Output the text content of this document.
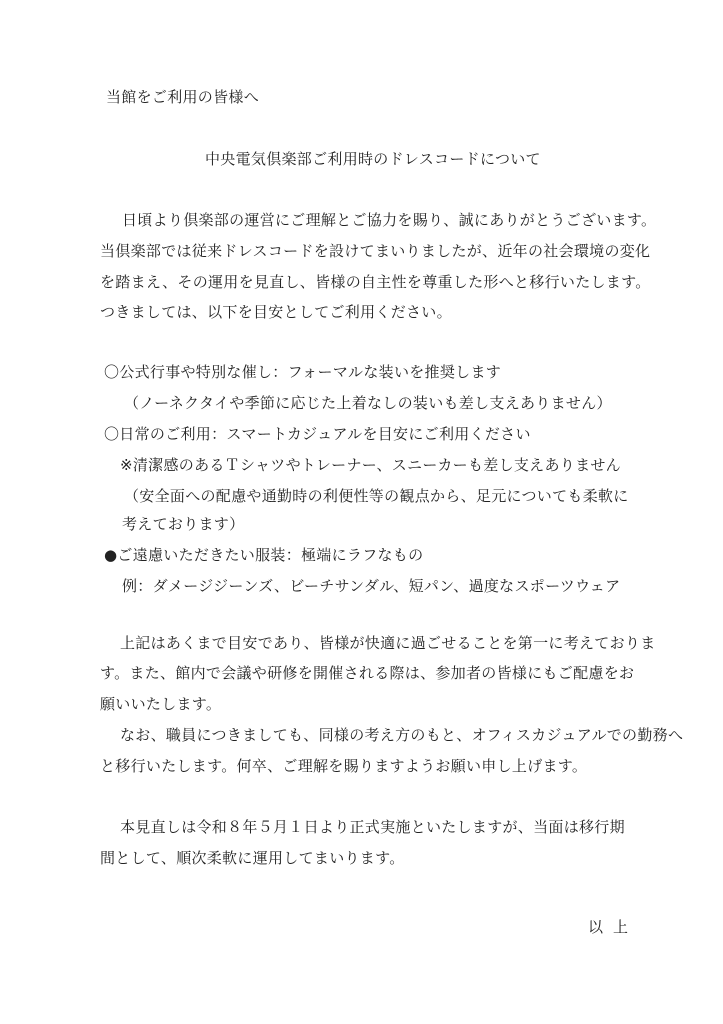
当館をご利用の皆様へ
中央電気倶楽部ご利用時のドレスコードについて
日頃より倶楽部の運営にご理解とご協力を賜り、誠にありがとうございます。
当倶楽部では従来ドレスコードを設けてまいりましたが、近年の社会環境の変化
を踏まえ、その運用を見直し、皆様の自主性を尊重した形へと移行いたします。
つきましては、以下を目安としてご利用ください。
〇公式行事や特別な催し：フォーマルな装いを推奨します
（ノーネクタイや季節に応じた上着なしの装いも差し支えありません）
〇日常のご利用：スマートカジュアルを目安にご利用ください
※清潔感のあるＴシャツやトレーナー、スニーカーも差し支えありません
（安全面への配慮や通勤時の利便性等の観点から、足元についても柔軟に
考えております）
●ご遠慮いただきたい服装：極端にラフなもの
例：ダメージジーンズ、ビーチサンダル、短パン、過度なスポーツウェア
上記はあくまで目安であり、皆様が快適に過ごせることを第一に考えておりま
す。また、館内で会議や研修を開催される際は、参加者の皆様にもご配慮をお
願いいたします。
なお、職員につきましても、同様の考え方のもと、オフィスカジュアルでの勤務へ
と移行いたします。何卒、ご理解を賜りますようお願い申し上げます。
本見直しは令和８年５月１日より正式実施といたしますが、当面は移行期
間として、順次柔軟に運用してまいります。
以上
